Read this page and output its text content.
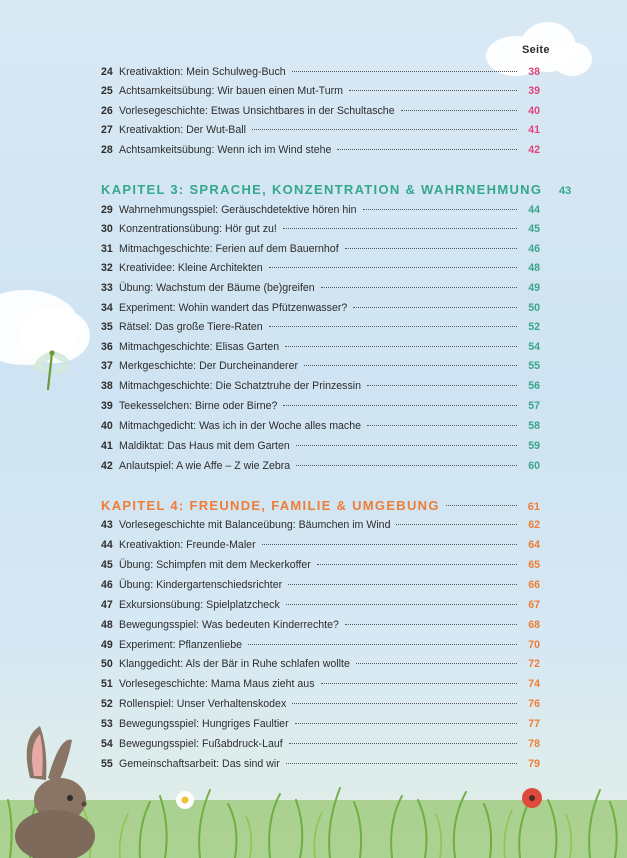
Seite
24 Kreativaktion: Mein Schulweg-Buch	38
25 Achtsamkeitsübung: Wir bauen einen Mut-Turm	39
26 Vorlesegeschichte: Etwas Unsichtbares in der Schultasche	40
27 Kreativaktion: Der Wut-Ball	41
28 Achtsamkeitsübung: Wenn ich im Wind stehe	42
KAPITEL 3: SPRACHE, KONZENTRATION & WAHRNEHMUNG	43
29 Wahrnehmungsspiel: Geräuschdetektive hören hin	44
30 Konzentrationsübung: Hör gut zu!	45
31 Mitmachgeschichte: Ferien auf dem Bauernhof	46
32 Kreatividee: Kleine Architekten	48
33 Übung: Wachstum der Bäume (be)greifen	49
34 Experiment: Wohin wandert das Pfützenwasser?	50
35 Rätsel: Das große Tiere-Raten	52
36 Mitmachgeschichte: Elisas Garten	54
37 Merkgeschichte: Der Durcheinanderer	55
38 Mitmachgeschichte: Die Schatztruhe der Prinzessin	56
39 Teekesselchen: Birne oder Birne?	57
40 Mitmachgedicht: Was ich in der Woche alles mache	58
41 Maldiktat: Das Haus mit dem Garten	59
42 Anlautspiel: A wie Affe – Z wie Zebra	60
KAPITEL 4: FREUNDE, FAMILIE & UMGEBUNG	61
43 Vorlesegeschichte mit Balanceübung: Bäumchen im Wind	62
44 Kreativaktion: Freunde-Maler	64
45 Übung: Schimpfen mit dem Meckerkoffer	65
46 Übung: Kindergartenschiedsrichter	66
47 Exkursionsübung: Spielplatzcheck	67
48 Bewegungsspiel: Was bedeuten Kinderrechte?	68
49 Experiment: Pflanzenliebe	70
50 Klanggedicht: Als der Bär in Ruhe schlafen wollte	72
51 Vorlesegeschichte: Mama Maus zieht aus	74
52 Rollenspiel: Unser Verhaltenskodex	76
53 Bewegungsspiel: Hungriges Faultier	77
54 Bewegungsspiel: Fußabdruck-Lauf	78
55 Gemeinschaftsarbeit: Das sind wir	79
